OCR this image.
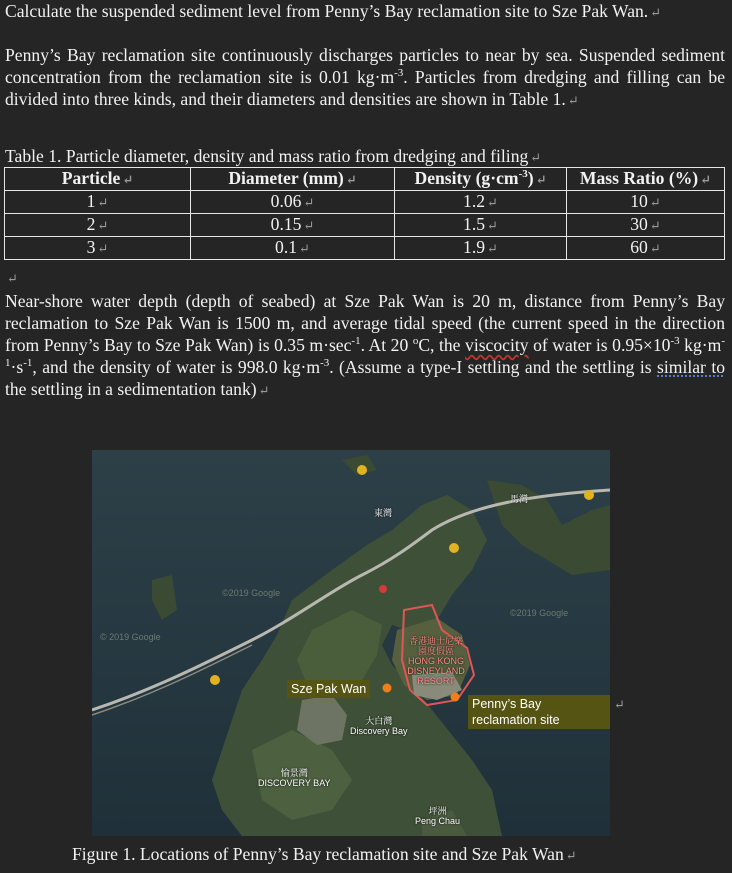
Calculate the suspended sediment level from Penny’s Bay reclamation site to Sze Pak Wan. ↵
Penny’s Bay reclamation site continuously discharges particles to near by sea. Suspended sediment concentration from the reclamation site is 0.01 $kg\cdot m^{-3}$. Particles from dredging and filling can be divided into three kinds, and their diameters and densities are shown in Table 1. ↵
Table 1. Particle diameter, density and mass ratio from dredging and filing ↵
Particle ↵	Diameter (mm) ↵	Density $(g\cdot cm^{-3})$ ↵	Mass Ratio (%) ↵
1 ↵	0.06 ↵	1.2 ↵	10 ↵
2 ↵	0.15 ↵	1.5 ↵	30 ↵
3 ↵	0.1 ↵	1.9 ↵	60 ↵
↵
Near-shore water depth (depth of seabed) at Sze Pak Wan is 20 m, distance from Penny’s Bay reclamation to Sze Pak Wan is 1500 m, and average tidal speed (the current speed in the direction from Penny’s Bay to Sze Pak Wan) is 0.35 $m\cdot\sec^{-1}$. At 20 $^o$C, the viscocity of water is $0.95\times 10^{-3}$ $kg\cdot m^{-1}\cdot s^{-1}$, and the density of water is 998.0 $kg\cdot m^{-3}$. (Assume a type-I settling and the settling is similar to the settling in a sedimentation tank) ↵
東灣
馬灣
香港迪士尼樂園度假區
HONG KONG DISNEYLAND RESORT
大白灣
Discovery Bay
愉景灣
DISCOVERY BAY
坪洲
Peng Chau
© 2019 Google
©2019 Google
©2019 Google
Sze Pak Wan
Penny’s Bay reclamation site
↵
Figure 1. Locations of Penny’s Bay reclamation site and Sze Pak Wan ↵
